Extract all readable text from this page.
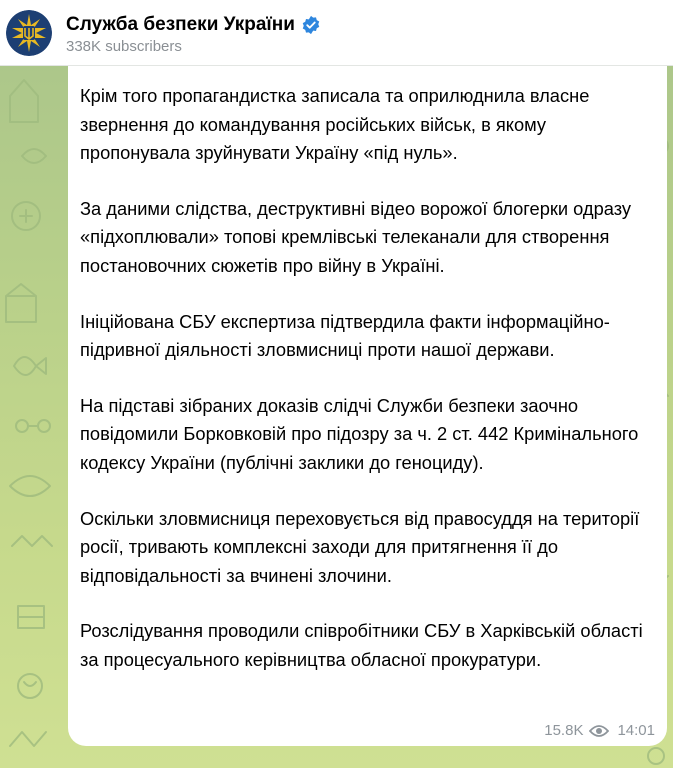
Служба безпеки України
338K subscribers

Крім того пропагандистка записала та оприлюднила власне звернення до командування російських військ, в якому пропонувала зруйнувати Україну «під нуль».

За даними слідства, деструктивні відео ворожої блогерки одразу «підхоплювали» топові кремлівські телеканали для створення постановочних сюжетів про війну в Україні.

Ініційована СБУ експертиза підтвердила факти інформаційно-підривної діяльності зловмисниці проти нашої держави.

На підставі зібраних доказів слідчі Служби безпеки заочно повідомили Борковковій про підозру за ч. 2 ст. 442 Кримінального кодексу України (публічні заклики до геноциду).

Оскільки зловмисниця переховується від правосуддя на території росії, тривають комплексні заходи для притягнення її до відповідальності за вчинені злочини.

Розслідування проводили співробітники СБУ в Харківській області за процесуального керівництва обласної прокуратури.

15.8K 14:01
